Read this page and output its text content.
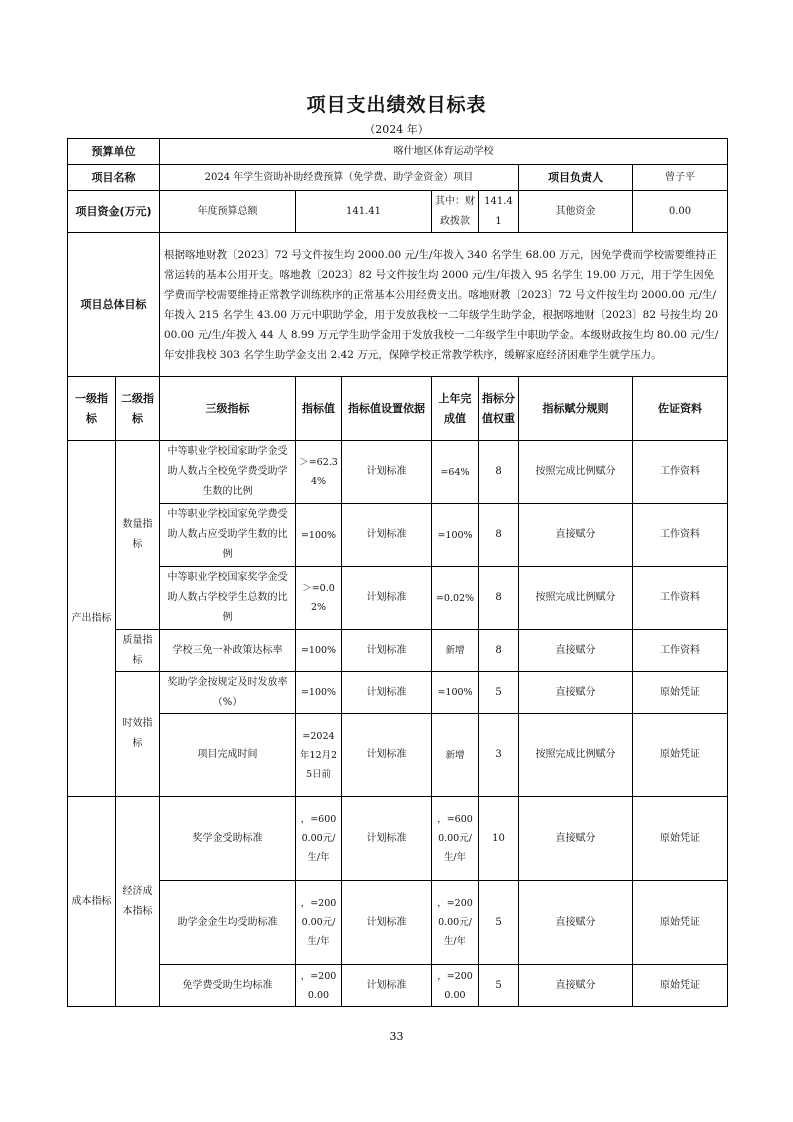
项目支出绩效目标表
（2024 年）
预算单位		喀什地区体育运动学校						
项目名称		2024 年学生资助补助经费预算（免学费、助学金资金）项目					项目负责人	曾子平
项目资金(万元)		年度预算总额	141.41		其中：财政拨款	141.41	其他资金	0.00
项目总体目标		根据喀地财教〔2023〕72 号文件按生均 2000.00 元/生/年拨入 340 名学生 68.00 万元，因免学费而学校需要维持正常运转的基本公用开支。喀地教〔2023〕82 号文件按生均 2000 元/生/年拨入 95 名学生 19.00 万元，用于学生因免学费而学校需要维持正常教学训练秩序的正常基本公用经费支出。喀地财教〔2023〕72 号文件按生均 2000.00 元/生/年拨入 215 名学生 43.00 万元中职助学金，用于发放我校一二年级学生助学金，根据喀地财〔2023〕82 号按生均 2000.00 元/生/年拨入 44 人 8.99 万元学生助学金用于发放我校一二年级学生中职助学金。本级财政按生均 80.00 元/生/年安排我校 303 名学生助学金支出 2.42 万元，保障学校正常教学秩序，缓解家庭经济困难学生就学压力。						
一级指标	二级指标	三级指标	指标值	指标值设置依据	上年完成值	指标分值权重	指标赋分规则	佐证资料
产出指标	数量指标	中等职业学校国家助学金受助人数占全校免学费受助学生数的比例	＞=62.34%	计划标准	=64%	8	按照完成比例赋分	工作资料
		中等职业学校国家免学费受助人数占应受助学生数的比例	=100%	计划标准	=100%	8	直接赋分	工作资料
		中等职业学校国家奖学金受助人数占学校学生总数的比例	＞=0.02%	计划标准	=0.02%	8	按照完成比例赋分	工作资料
	质量指标	学校三免一补政策达标率	=100%	计划标准	新增	8	直接赋分	工作资料
	时效指标	奖助学金按规定及时发放率（%）	=100%	计划标准	=100%	5	直接赋分	原始凭证
		项目完成时间	=2024年12月25日前	计划标准	新增	3	按照完成比例赋分	原始凭证
成本指标	经济成本指标	奖学金受助标准	，=6000.00元/生/年	计划标准	，=6000.00元/生/年	10	直接赋分	原始凭证
		助学金金生均受助标准	，=2000.00元/生/年	计划标准	，=2000.00元/生/年	5	直接赋分	原始凭证
		免学费受助生均标准	，=2000.00	计划标准	，=2000.00	5	直接赋分	原始凭证
33
